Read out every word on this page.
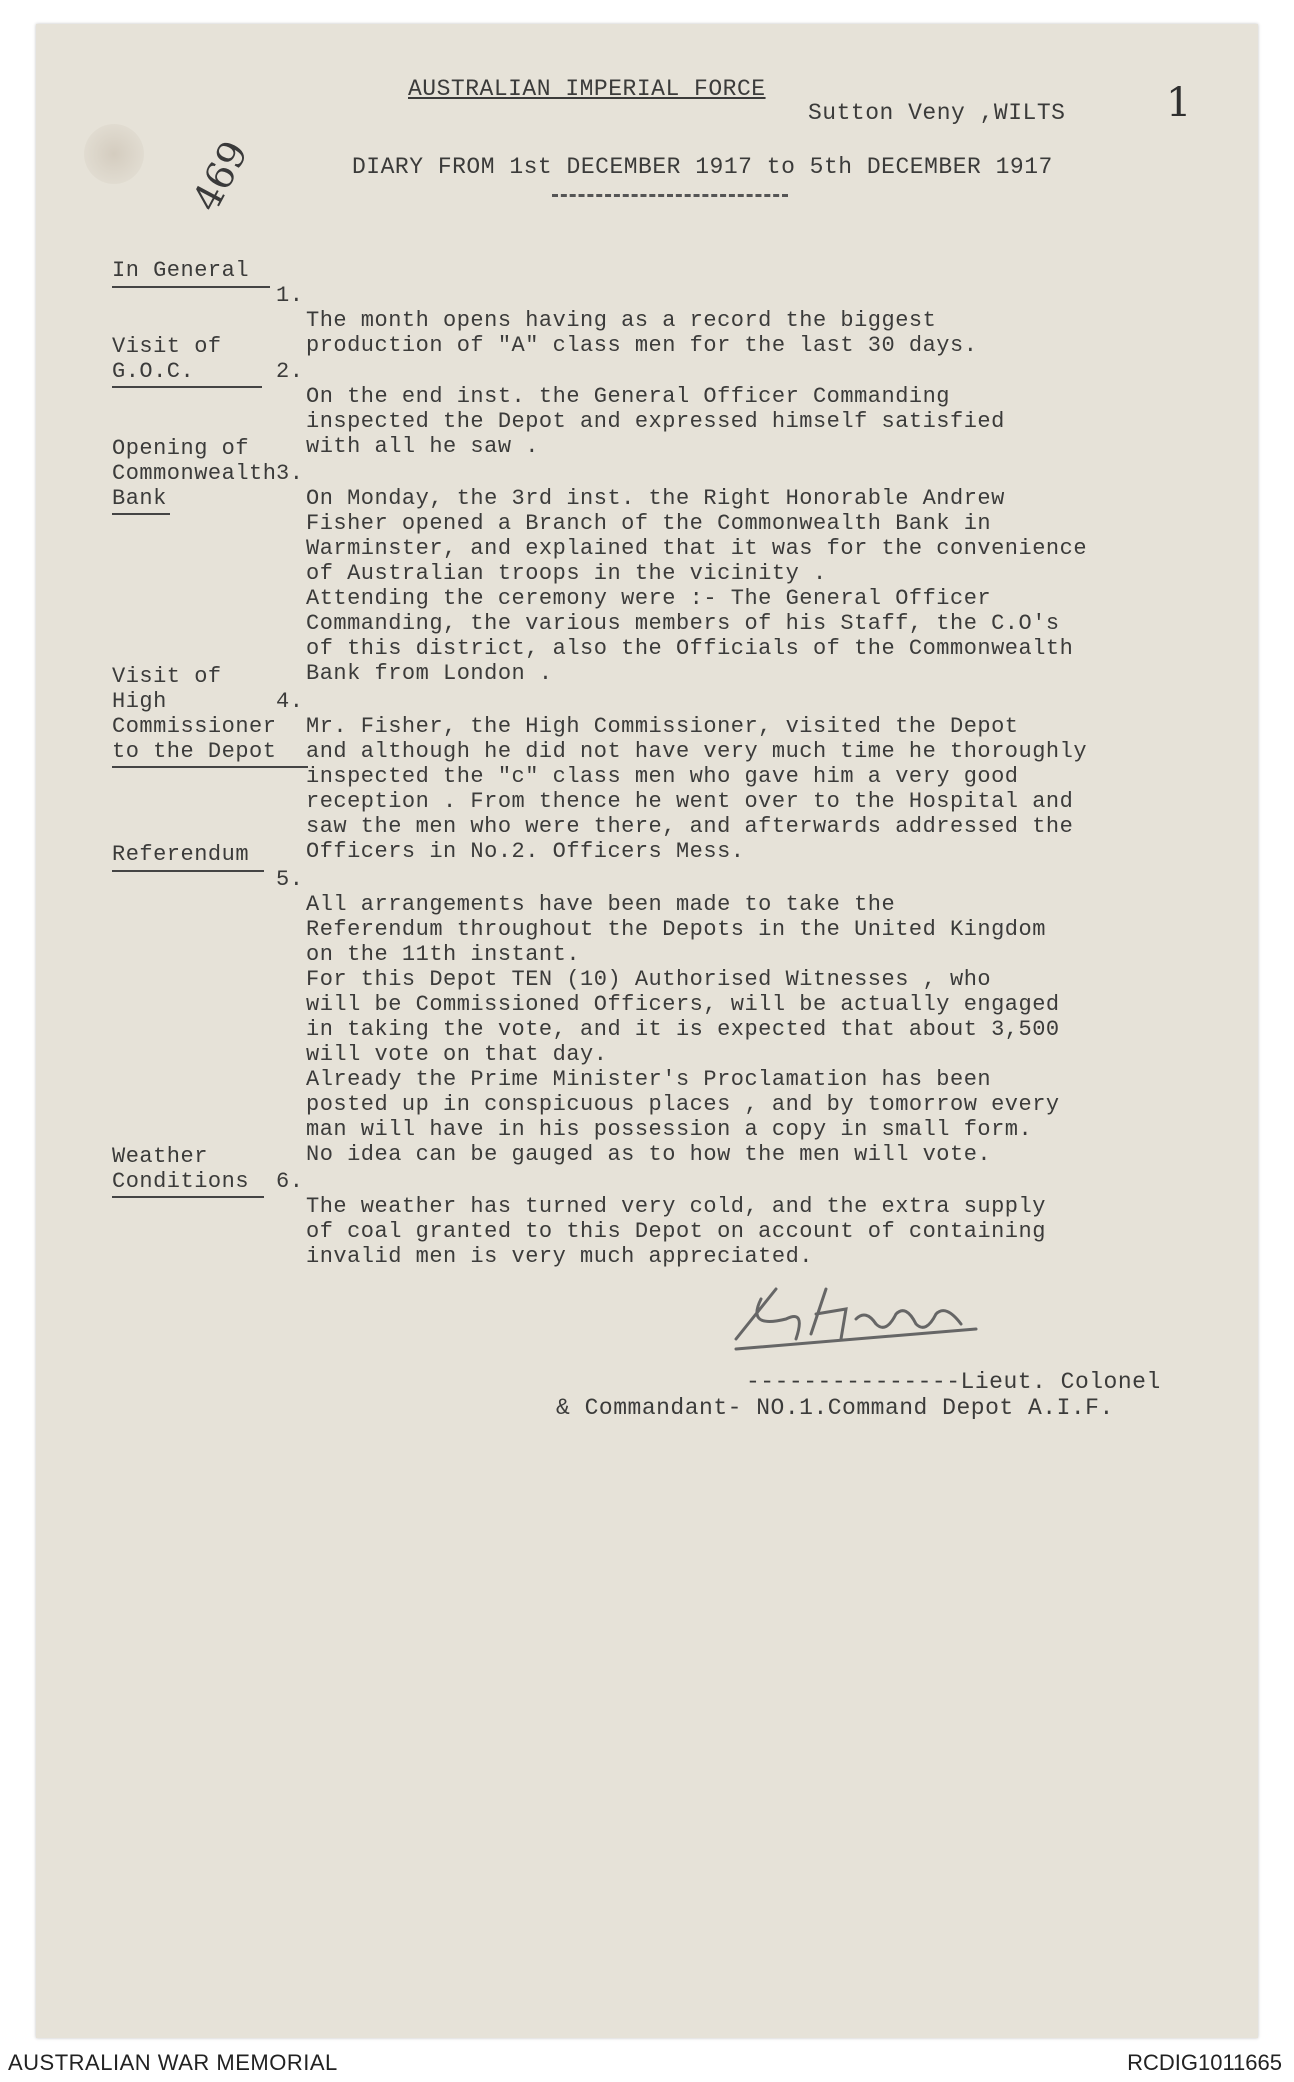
AUSTRALIAN IMPERIAL FORCE
Sutton Veny ,WILTS	1
469	DIARY FROM 1st DECEMBER 1917 to 5th DECEMBER 1917
In General

1.

The month opens having as a record the biggest
production of "A" class men for the last 30 days.

Visit of
G.O.C.	2.

On the end inst. the General Officer Commanding
inspected the Depot and expressed himself satisfied
with all he saw .

Opening of
Commonwealth
Bank

3.

On Monday, the 3rd inst. the Right Honorable Andrew
Fisher opened a Branch of the Commonwealth Bank in
Warminster, and explained that it was for the convenience
of Australian troops in the vicinity .
Attending the ceremony were :- The General Officer
Commanding, the various members of his Staff, the C.O's
of this district, also the Officials of the Commonwealth
Bank from London .

Visit of
High
Commissioner
to the Depot

4.

Mr. Fisher, the High Commissioner, visited the Depot
and although he did not have very much time he thoroughly
inspected the "c" class men who gave him a very good
reception . From thence he went over to the Hospital and
saw the men who were there, and afterwards addressed the
Officers in No.2. Officers Mess.

Referendum

5.

All arrangements have been made to take the
Referendum throughout the Depots in the United Kingdom
on the 11th instant.
For this Depot TEN (10) Authorised Witnesses , who
will be Commissioned Officers, will be actually engaged
in taking the vote, and it is expected that about 3,500
will vote on that day.
Already the Prime Minister's Proclamation has been
posted up in conspicuous places , and by tomorrow every
man will have in his possession a copy in small form.
No idea can be gauged as to how the men will vote.

Weather
Conditions	6.

The weather has turned very cold, and the extra supply
of coal granted to this Depot on account of containing
invalid men is very much appreciated.

---------------Lieut. Colonel
& Commandant- NO.1.Command Depot A.I.F.
AUSTRALIAN WAR MEMORIAL	RCDIG1011665
